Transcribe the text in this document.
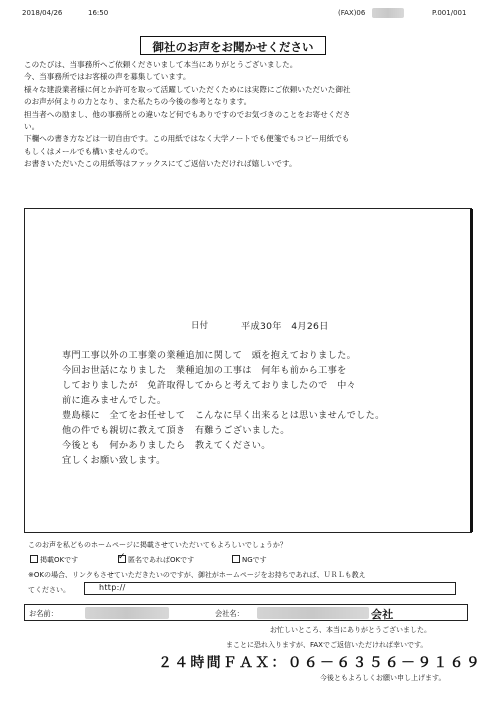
2018/04/26	16:50	(FAX)06	P.001/001
御社のお声をお聞かせください
このたびは、当事務所へご依頼くださいまして本当にありがとうございました。
今、当事務所ではお客様の声を募集しています。
様々な建設業者様に何とか許可を取って活躍していただくためには実際にご依頼いただいた御社
のお声が何よりの力となり、また私たちの今後の参考となります。
担当者への励まし、他の事務所との違いなど何でもありですのでお気づきのことをお寄せくださ
い。
下欄への書き方などは一切自由です。この用紙ではなく大学ノートでも便箋でもコピー用紙でも
もしくはメールでも構いませんので。
お書きいただいたこの用紙等はファックスにてご返信いただければ嬉しいです。
日付	平成30年　4月26日
専門工事以外の工事業の業種追加に関して　頭を抱えておりました。
今回お世話になりました　業種追加の工事は　何年も前から工事を
しておりましたが　免許取得してからと考えておりましたので　中々
前に進みませんでした。
豊島様に　全てをお任せして　こんなに早く出来るとは思いませんでした。
他の件でも親切に教えて頂き　有難うございました。
今後とも　何かありましたら　教えてください。
宜しくお願い致します。
このお声を私どものホームページに掲載させていただいてもよろしいでしょうか？
掲載OKです
✓	匿名であればOKです	NGです
※OKの場合、リンクもさせていただきたいのですが、御社がホームページをお持ちであれば、ＵＲＬも教え
てください。	http://
お名前：	会社名：	会社
お忙しいところ、本当にありがとうございました。
まことに恐れ入りますが、FAXでご返信いただければ幸いです。
２４時間ＦＡＸ：０６－６３５６－９１６９
今後ともよろしくお願い申し上げます。
